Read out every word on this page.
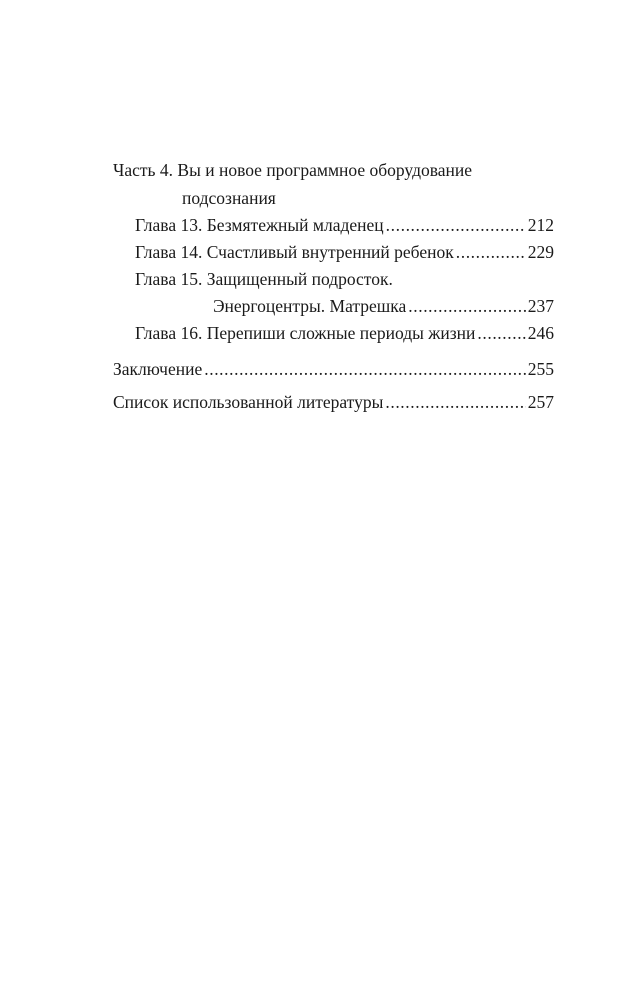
Часть 4. Вы и новое программное оборудование
подсознания
Глава 13. Безмятежный младенец .....	212
Глава 14. Счастливый внутренний ребенок .....	229
Глава 15. Защищенный подросток.
Энергоцентры. Матрешка .....	237
Глава 16. Перепиши сложные периоды жизни .....	246
Заключение .....	255
Список использованной литературы .....	257
